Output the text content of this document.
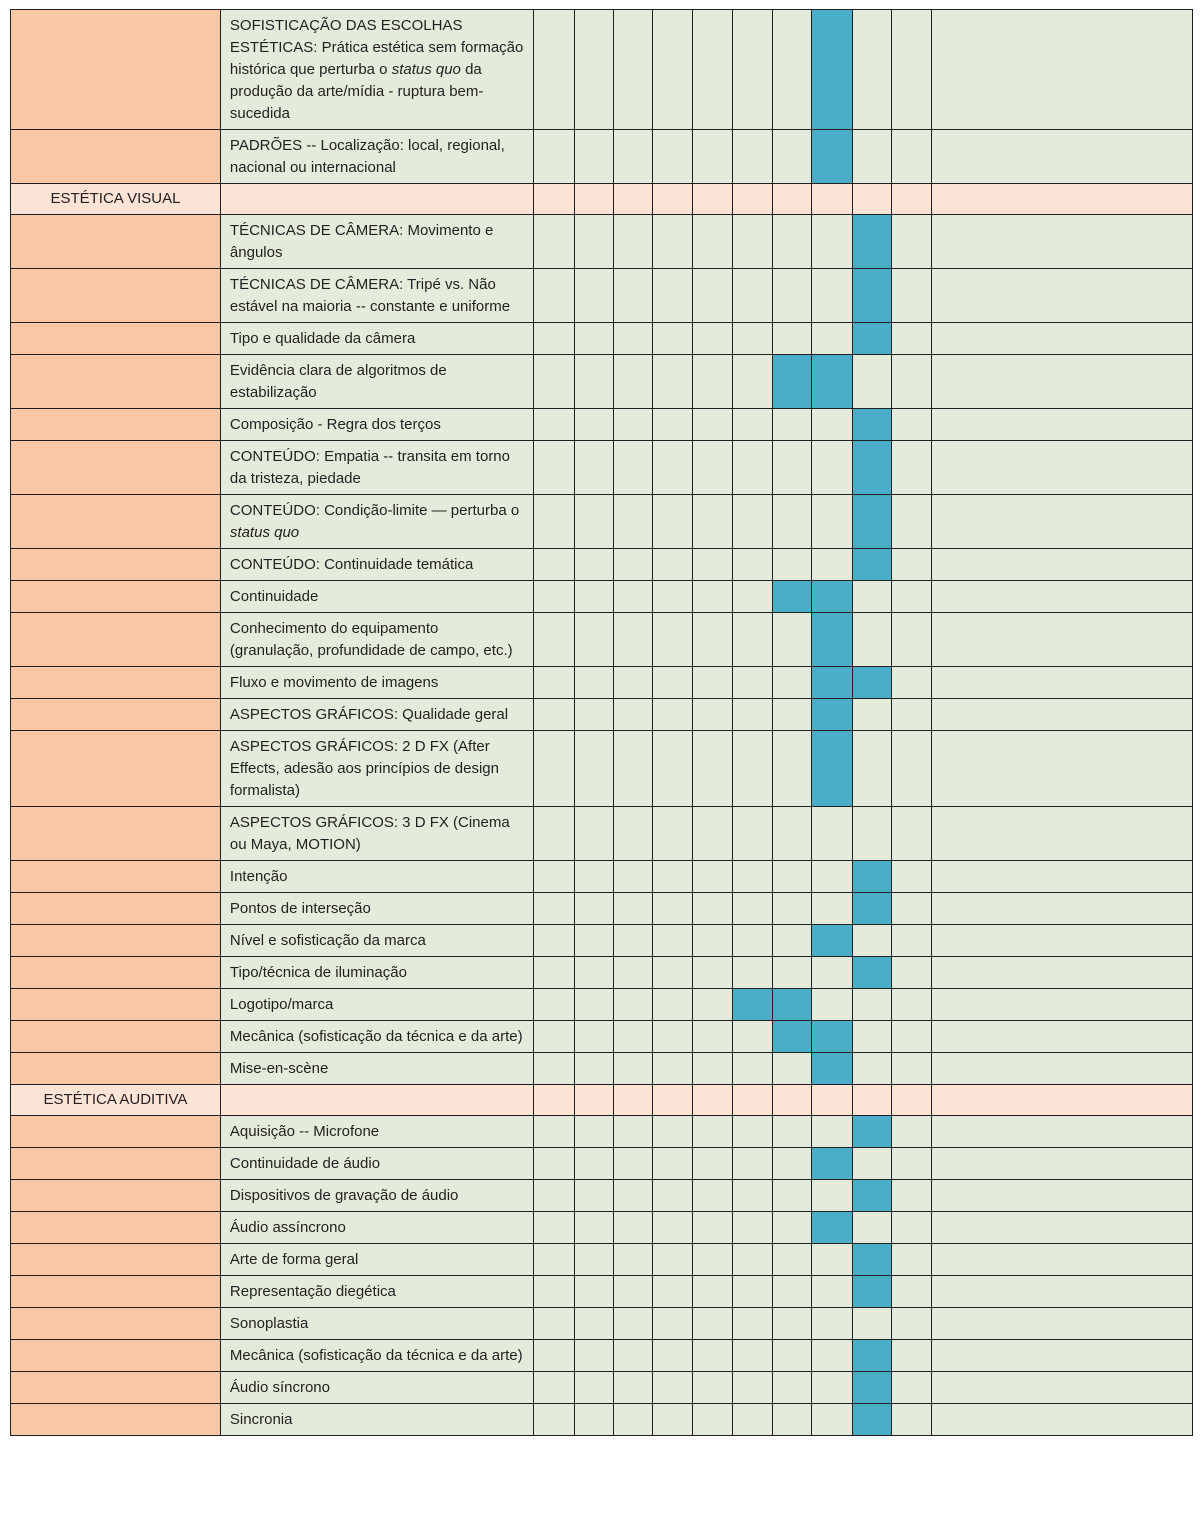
	SOFISTICAÇÃO DAS ESCOLHAS ESTÉTICAS: Prática estética sem formação histórica que perturba o status quo da produção da arte/mídia - ruptura bem-sucedida											
	PADRÕES -- Localização: local, regional, nacional ou internacional											
ESTÉTICA VISUAL												
	TÉCNICAS DE CÂMERA: Movimento e ângulos											
	TÉCNICAS DE CÂMERA: Tripé vs. Não estável na maioria -- constante e uniforme											
	Tipo e qualidade da câmera											
	Evidência clara de algoritmos de estabilização											
	Composição - Regra dos terços											
	CONTEÚDO: Empatia -- transita em torno da tristeza, piedade											
	CONTEÚDO: Condição-limite — perturba o status quo											
	CONTEÚDO: Continuidade temática											
	Continuidade											
	Conhecimento do equipamento (granulação, profundidade de campo, etc.)											
	Fluxo e movimento de imagens											
	ASPECTOS GRÁFICOS: Qualidade geral											
	ASPECTOS GRÁFICOS: 2 D FX (After Effects, adesão aos princípios de design formalista)											
	ASPECTOS GRÁFICOS: 3 D FX (Cinema ou Maya, MOTION)											
	Intenção											
	Pontos de interseção											
	Nível e sofisticação da marca											
	Tipo/técnica de iluminação											
	Logotipo/marca											
	Mecânica (sofisticação da técnica e da arte)											
	Mise-en-scène											
ESTÉTICA AUDITIVA												
	Aquisição -- Microfone											
	Continuidade de áudio											
	Dispositivos de gravação de áudio											
	Áudio assíncrono											
	Arte de forma geral											
	Representação diegética											
	Sonoplastia											
	Mecânica (sofisticação da técnica e da arte)											
	Áudio síncrono											
	Sincronia											
